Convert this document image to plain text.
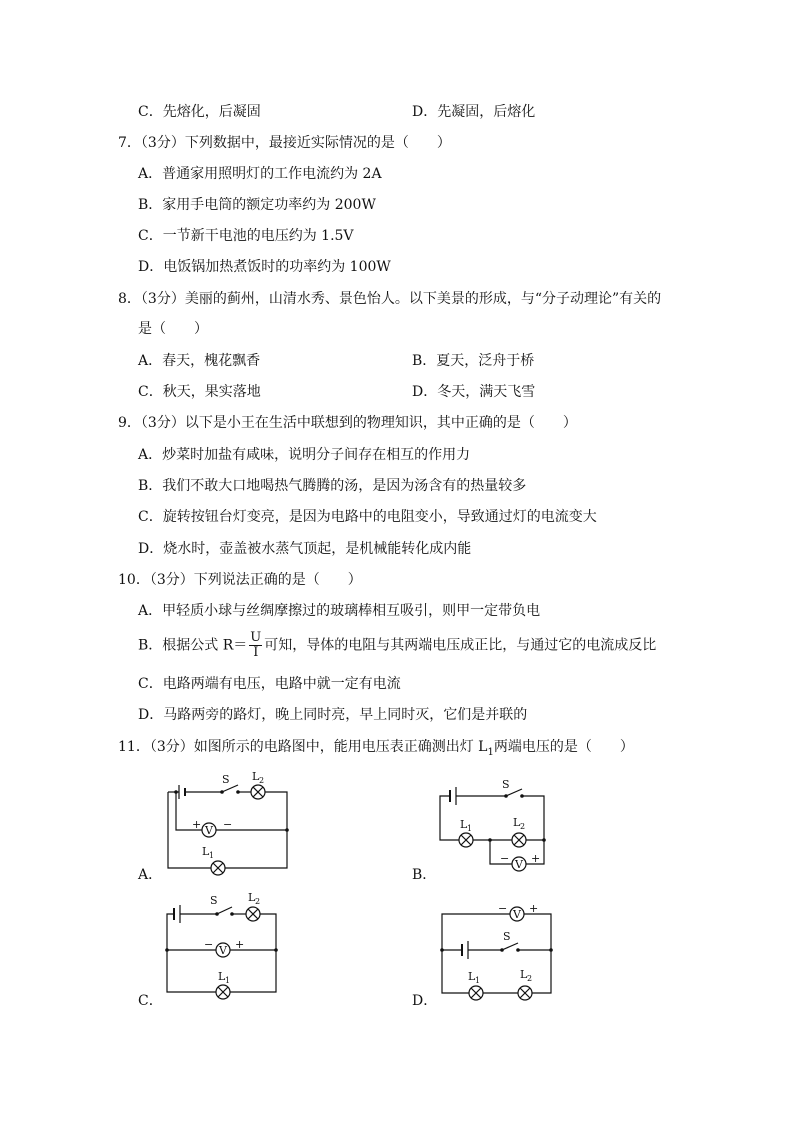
C．先熔化，后凝固	D．先凝固，后熔化
7．（3分）下列数据中，最接近实际情况的是（　　）
A．普通家用照明灯的工作电流约为 2A
B．家用手电筒的额定功率约为 200W
C．一节新干电池的电压约为 1.5V
D．电饭锅加热煮饭时的功率约为 100W
8．（3分）美丽的蓟州，山清水秀、景色怡人。以下美景的形成，与“分子动理论”有关的
是（　　）
A．春天，槐花飘香	B．夏天，泛舟于桥
C．秋天，果实落地	D．冬天，满天飞雪
9．（3分）以下是小王在生活中联想到的物理知识，其中正确的是（　　）
A．炒菜时加盐有咸味，说明分子间存在相互的作用力
B．我们不敢大口地喝热气腾腾的汤，是因为汤含有的热量较多
C．旋转按钮台灯变亮，是因为电路中的电阻变小，导致通过灯的电流变大
D．烧水时，壶盖被水蒸气顶起，是机械能转化成内能
10．（3分）下列说法正确的是（　　）
A．甲轻质小球与丝绸摩擦过的玻璃棒相互吸引，则甲一定带负电
B．根据公式 $R= \frac{U}{I}$ 可知，导体的电阻与其两端电压成正比，与通过它的电流成反比
C．电路两端有电压，电路中就一定有电流
D．马路两旁的路灯，晚上同时亮，早上同时灭，它们是并联的
11．（3分）如图所示的电路图中，能用电压表正确测出灯 $L_1$两端电压的是（　　）
V
S L 2
+ −
L 1
A．
V
S
L 1	L 2
− +
B．
V
S	L 2
− +
L 1
C．
V
− +
S
L 1	L 2
D．
